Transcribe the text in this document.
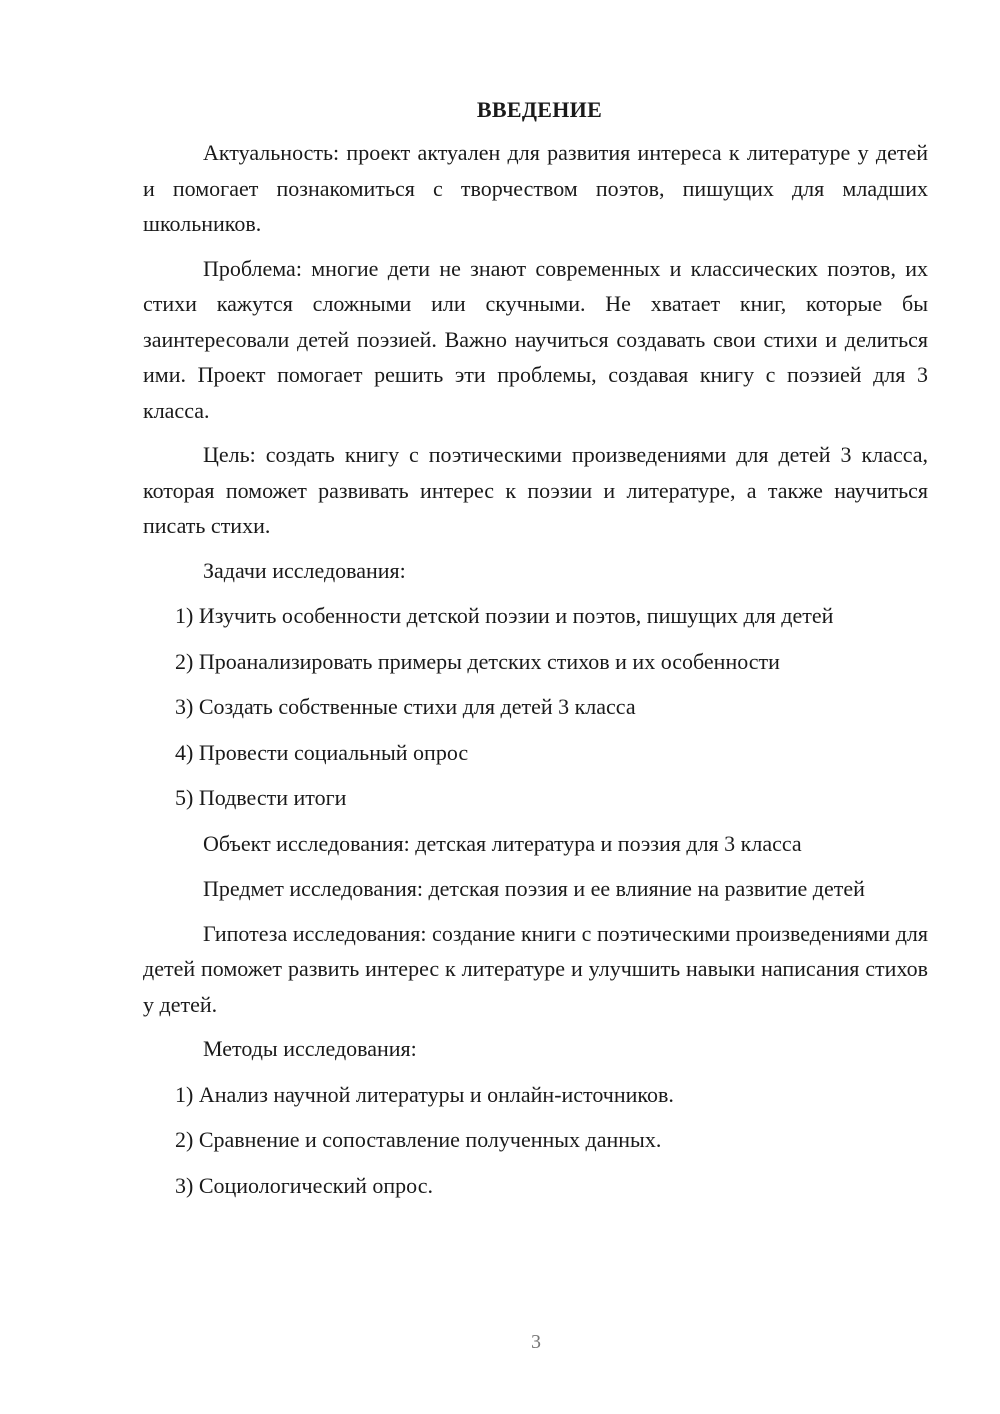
ВВЕДЕНИЕ

Актуальность: проект актуален для развития интереса к литературе у детей и помогает познакомиться с творчеством поэтов, пишущих для младших школьников.

Проблема: многие дети не знают современных и классических поэтов, их стихи кажутся сложными или скучными. Не хватает книг, которые бы заинтересовали детей поэзией. Важно научиться создавать свои стихи и делиться ими. Проект помогает решить эти проблемы, создавая книгу с поэзией для 3 класса.

Цель: создать книгу с поэтическими произведениями для детей 3 класса, которая поможет развивать интерес к поэзии и литературе, а также научиться писать стихи.

Задачи исследования:
1) Изучить особенности детской поэзии и поэтов, пишущих для детей
2) Проанализировать примеры детских стихов и их особенности
3) Создать собственные стихи для детей 3 класса
4) Провести социальный опрос
5) Подвести итоги
Объект исследования: детская литература и поэзия для 3 класса

Предмет исследования: детская поэзия и ее влияние на развитие детей

Гипотеза исследования: создание книги с поэтическими произведениями для детей поможет развить интерес к литературе и улучшить навыки написания стихов у детей.

Методы исследования:
1) Анализ научной литературы и онлайн-источников.
2) Сравнение и сопоставление полученных данных.
3) Социологический опрос.
3
